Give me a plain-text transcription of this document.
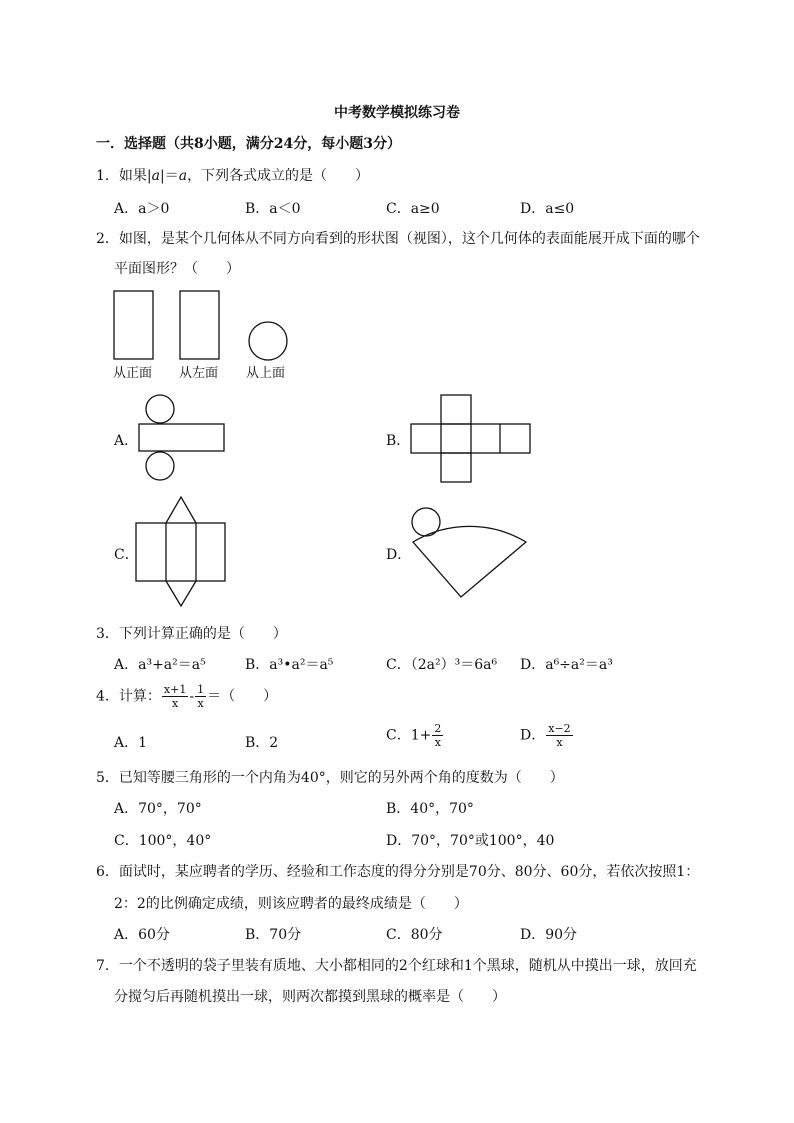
中考数学模拟练习卷
一．选择题（共8小题，满分24分，每小题3分）
1．如果|a|＝a，下列各式成立的是（　　）
A．a＞0	B．a＜0	C．a≥0	D．a≤0
2．如图，是某个几何体从不同方向看到的形状图（视图），这个几何体的表面能展开成下面的哪个
平面图形？（　　）
从正面 从左面 从上面
A．	B．
C．	D．
3．下列计算正确的是（　　）
A．a³+a²＝a⁵	B．a³•a²＝a⁵	C．（2a²）³＝6a⁶ D．a⁶÷a²＝a³
4．计算： $\frac{x+1}{x} - \frac{1}{x}$ ＝（　　）
A．1	B．2	C．$1+ \frac{2}{x}$	D． $\frac{x-2}{x}$
5．已知等腰三角形的一个内角为40°，则它的另外两个角的度数为（　　）
A．70°，70°	B．40°，70°
C．100°，40°	D．70°，70°或100°，40
6．面试时，某应聘者的学历、经验和工作态度的得分分别是70分、80分、60分，若依次按照1：
2：2的比例确定成绩，则该应聘者的最终成绩是（　　）
A．60分	B．70分	C．80分	D．90分
7．一个不透明的袋子里装有质地、大小都相同的2个红球和1个黑球，随机从中摸出一球，放回充
分搅匀后再随机摸出一球，则两次都摸到黑球的概率是（　　）
